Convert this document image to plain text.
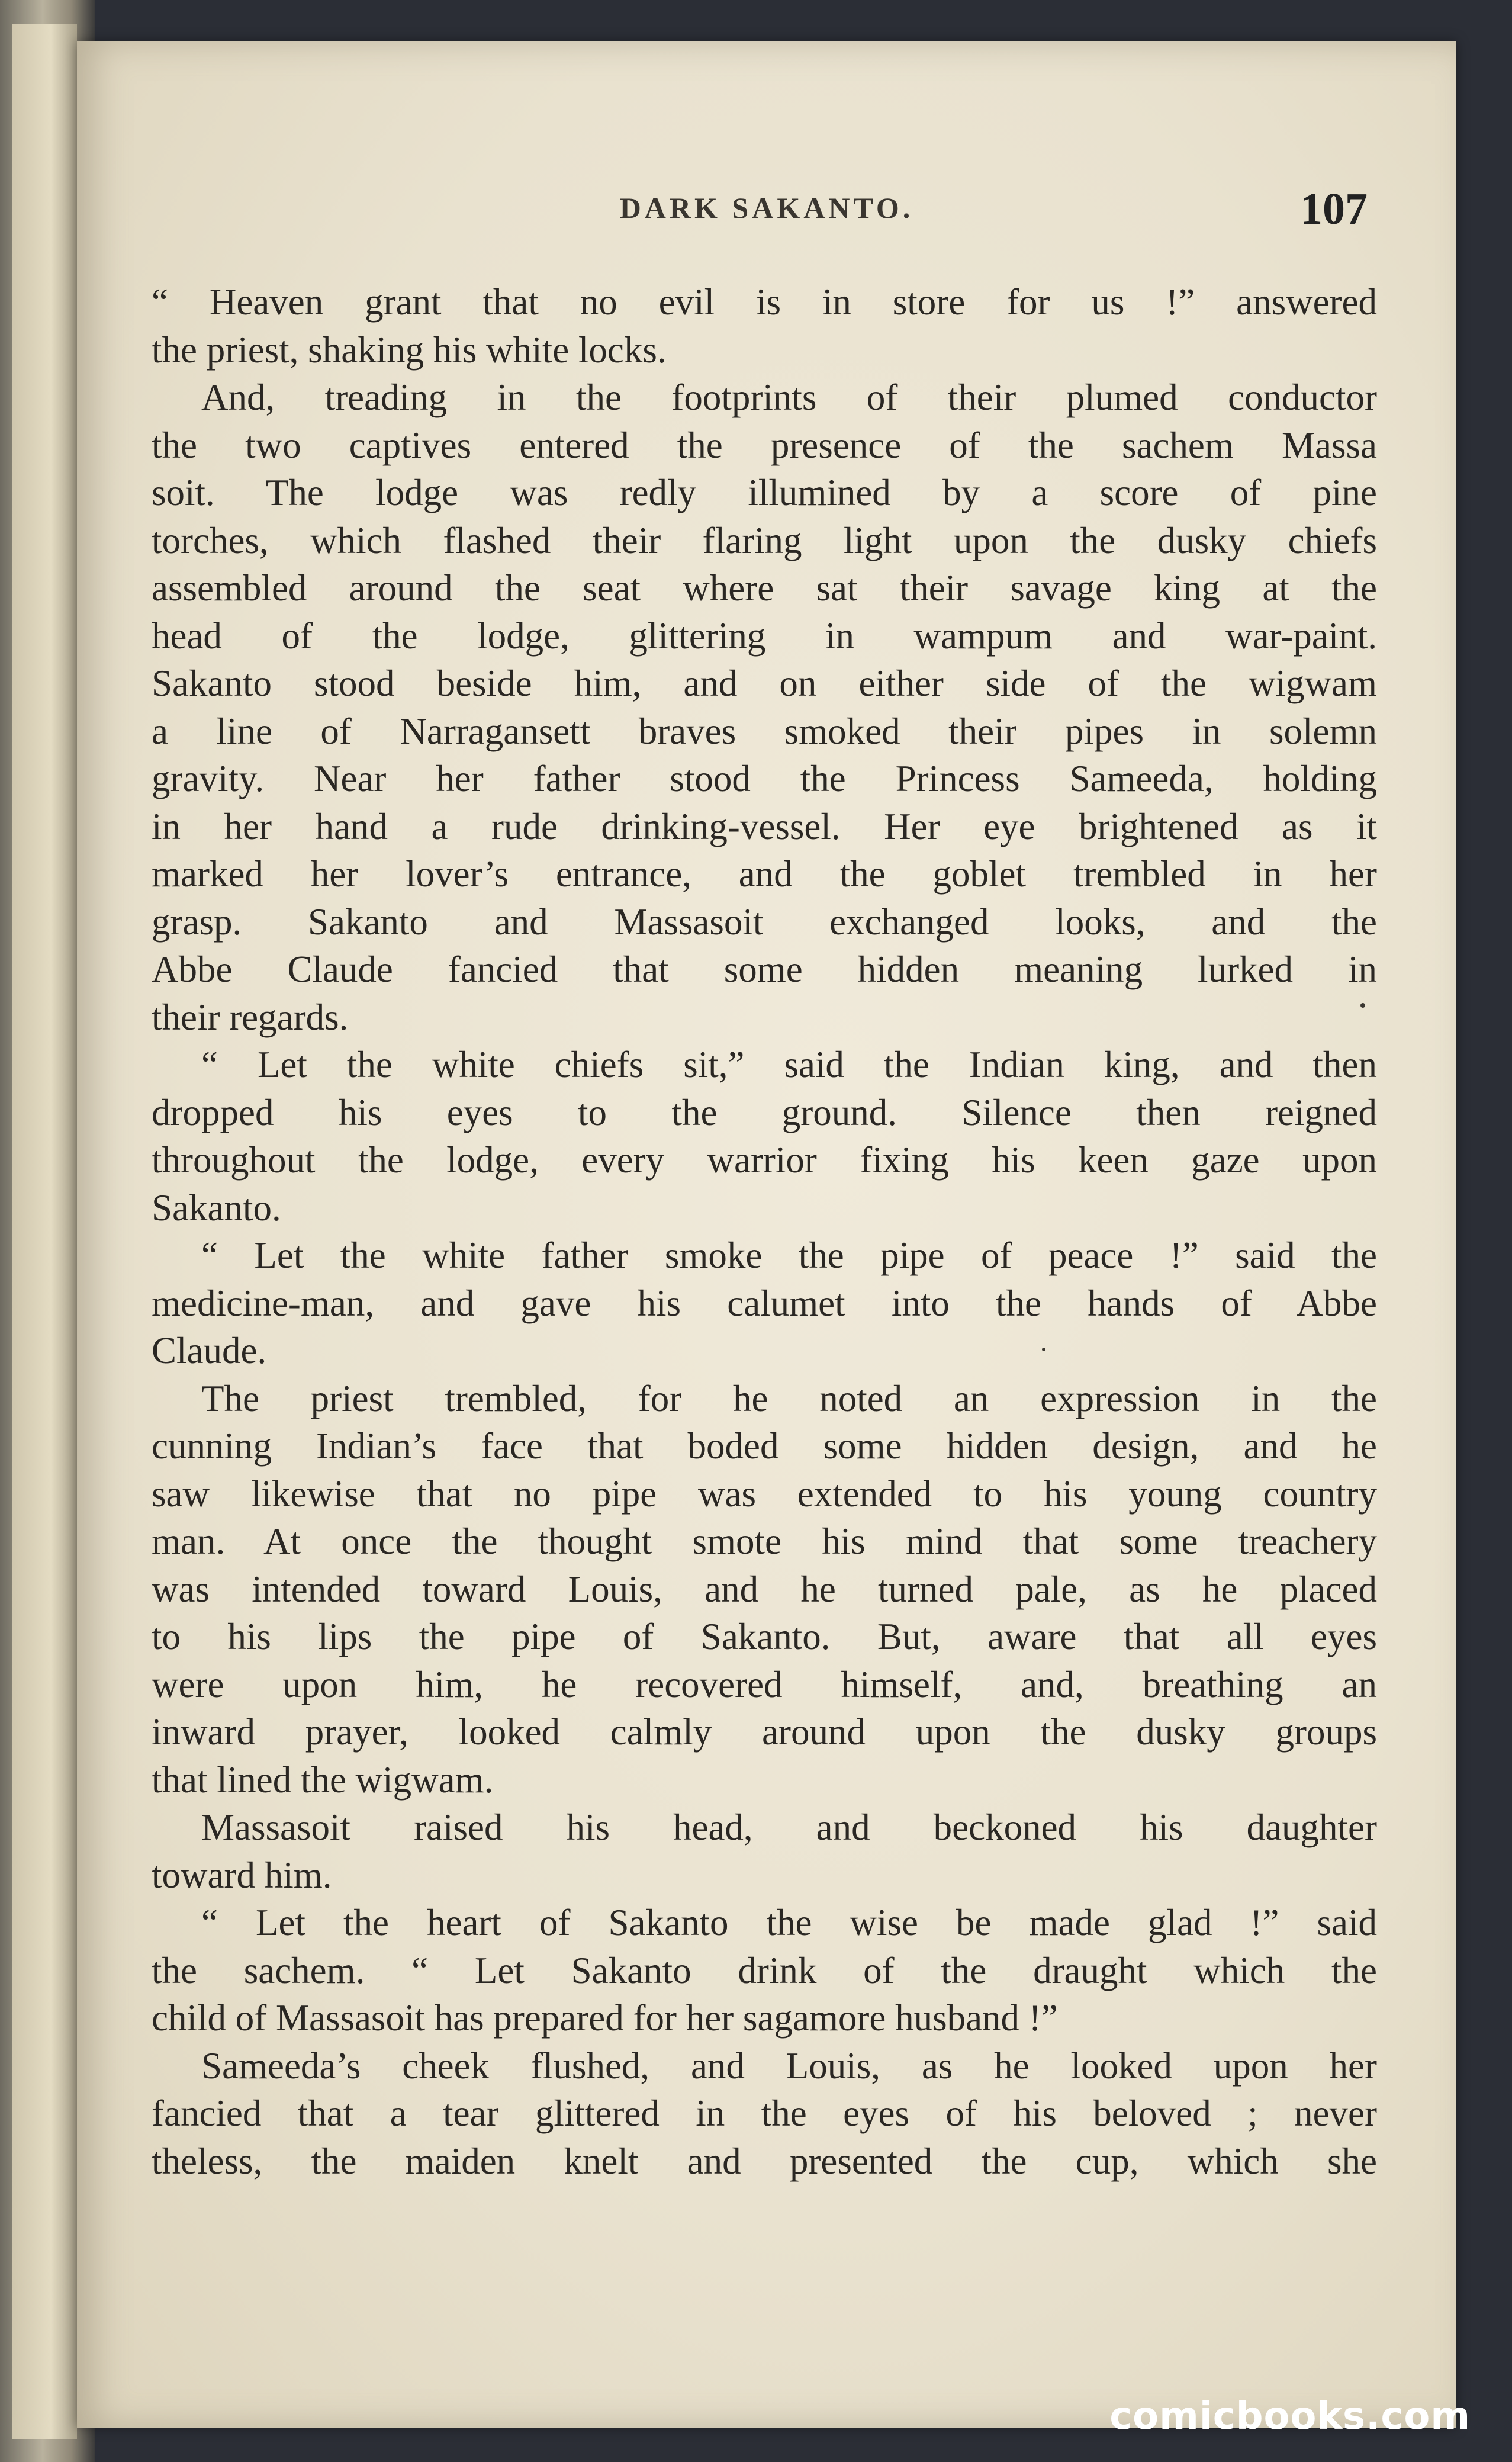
DARK SAKANTO.	107
“ Heaven grant that no evil is in store for us !” answered
the priest, shaking his white locks.
And, treading in the footprints of their plumed conductor
the two captives entered the presence of the sachem Massa
soit. The lodge was redly illumined by a score of pine
torches, which flashed their flaring light upon the dusky chiefs
assembled around the seat where sat their savage king at the
head of the lodge, glittering in wampum and war-paint.
Sakanto stood beside him, and on either side of the wigwam
a line of Narragansett braves smoked their pipes in solemn
gravity. Near her father stood the Princess Sameeda, holding
in her hand a rude drinking-vessel. Her eye brightened as it
marked her lover’s entrance, and the goblet trembled in her
grasp. Sakanto and Massasoit exchanged looks, and the
Abbe Claude fancied that some hidden meaning lurked in
their regards.
“ Let the white chiefs sit,” said the Indian king, and then
dropped his eyes to the ground. Silence then reigned
throughout the lodge, every warrior fixing his keen gaze upon
Sakanto.
“ Let the white father smoke the pipe of peace !” said the
medicine-man, and gave his calumet into the hands of Abbe
Claude.
The priest trembled, for he noted an expression in the
cunning Indian’s face that boded some hidden design, and he
saw likewise that no pipe was extended to his young country
man. At once the thought smote his mind that some treachery
was intended toward Louis, and he turned pale, as he placed
to his lips the pipe of Sakanto. But, aware that all eyes
were upon him, he recovered himself, and, breathing an
inward prayer, looked calmly around upon the dusky groups
that lined the wigwam.
Massasoit raised his head, and beckoned his daughter
toward him.
“ Let the heart of Sakanto the wise be made glad !” said
the sachem. “ Let Sakanto drink of the draught which the
child of Massasoit has prepared for her sagamore husband !”
Sameeda’s cheek flushed, and Louis, as he looked upon her
fancied that a tear glittered in the eyes of his beloved ; never
theless, the maiden knelt and presented the cup, which she
comicbooks.com
